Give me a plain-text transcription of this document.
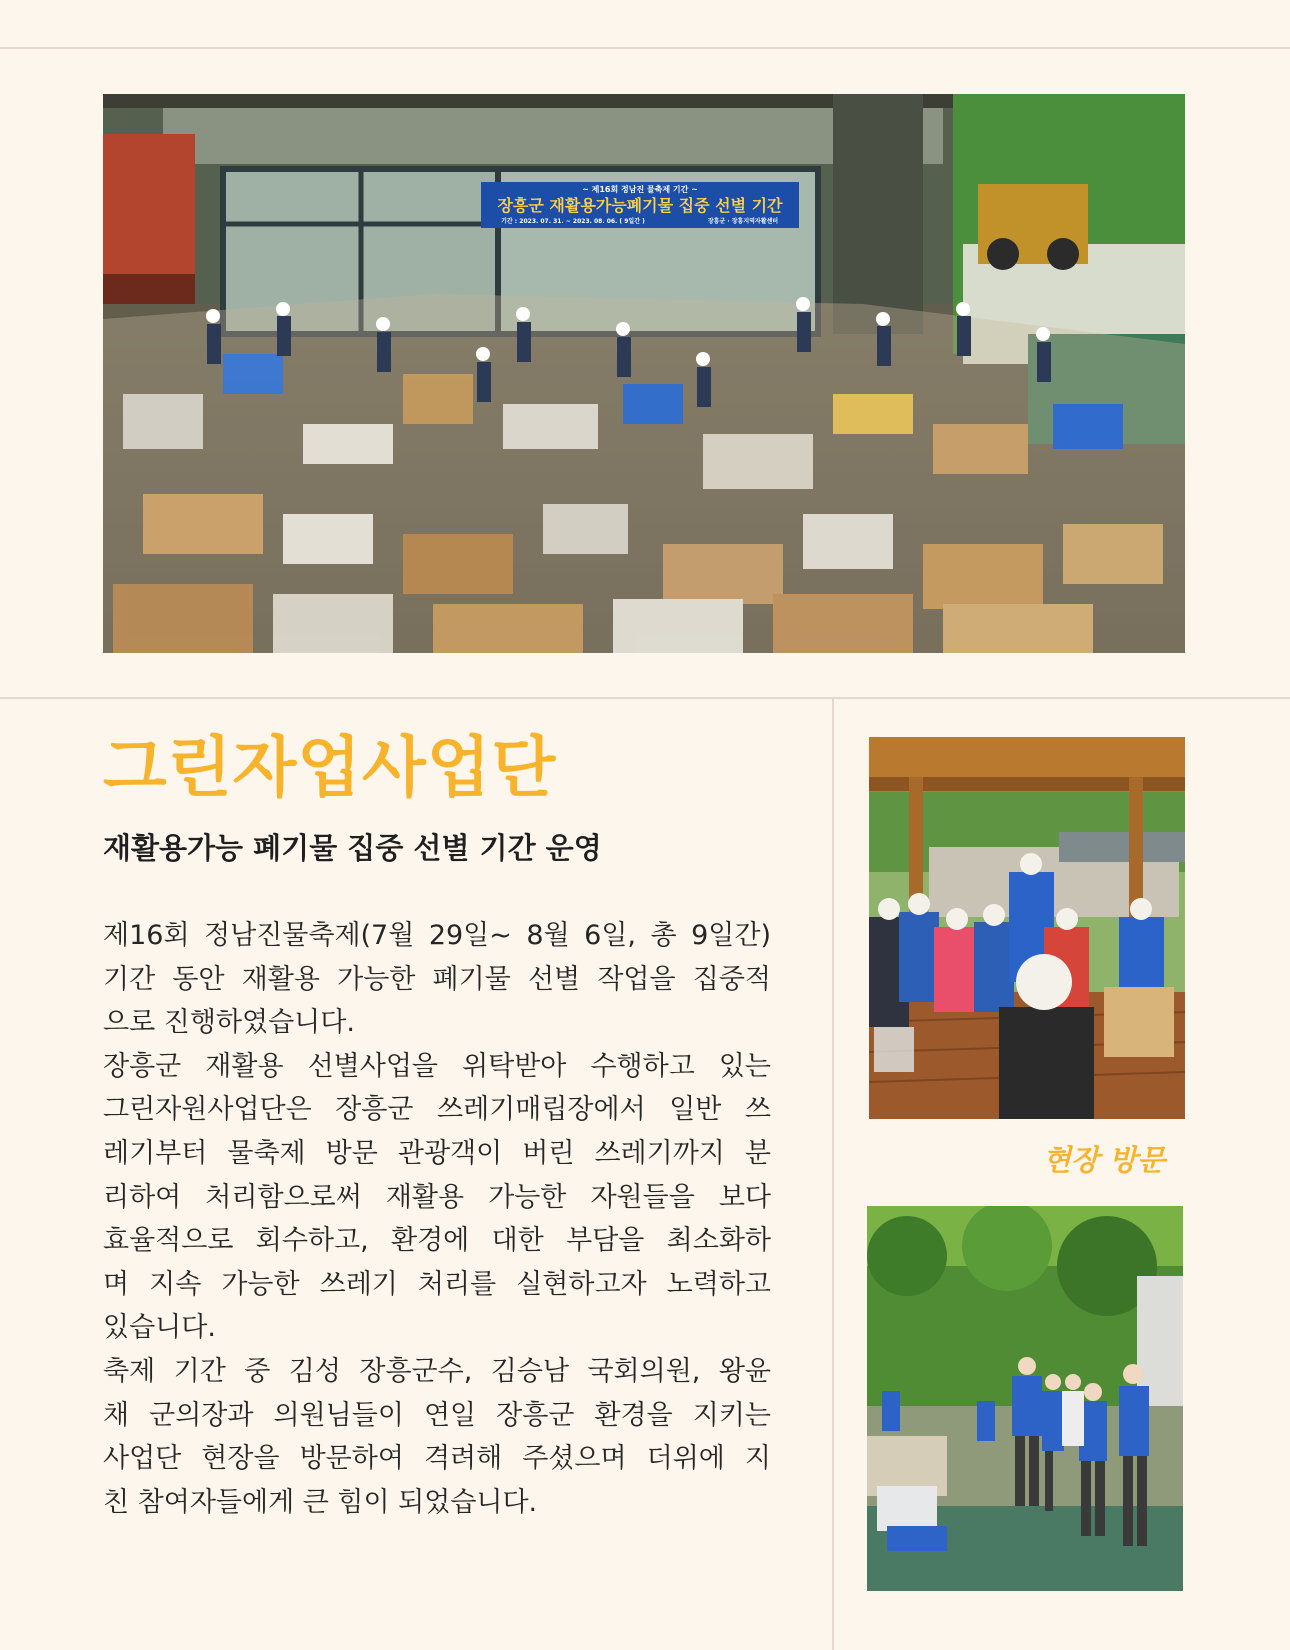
~ 제16회 정남진 물축제 기간 ~
장흥군 재활용가능폐기물 집중 선별 기간
기간 : 2023. 07. 31. ~ 2023. 08. 06. ( 9일간 )	장흥군 · 장흥지역자활센터
그린자업사업단
재활용가능 폐기물 집중 선별 기간 운영
제16회 정남진물축제(7월 29일~ 8월 6일, 총 9일간)
기간 동안 재활용 가능한 폐기물 선별 작업을 집중적
으로 진행하였습니다.
장흥군 재활용 선별사업을 위탁받아 수행하고 있는
그린자원사업단은 장흥군 쓰레기매립장에서 일반 쓰
레기부터 물축제 방문 관광객이 버린 쓰레기까지 분
리하여 처리함으로써 재활용 가능한 자원들을 보다
효율적으로 회수하고, 환경에 대한 부담을 최소화하
며 지속 가능한 쓰레기 처리를 실현하고자 노력하고
있습니다.
축제 기간 중 김성 장흥군수, 김승남 국회의원, 왕윤
채 군의장과 의원님들이 연일 장흥군 환경을 지키는
사업단 현장을 방문하여 격려해 주셨으며 더위에 지
친 참여자들에게 큰 힘이 되었습니다.
현장 방문
